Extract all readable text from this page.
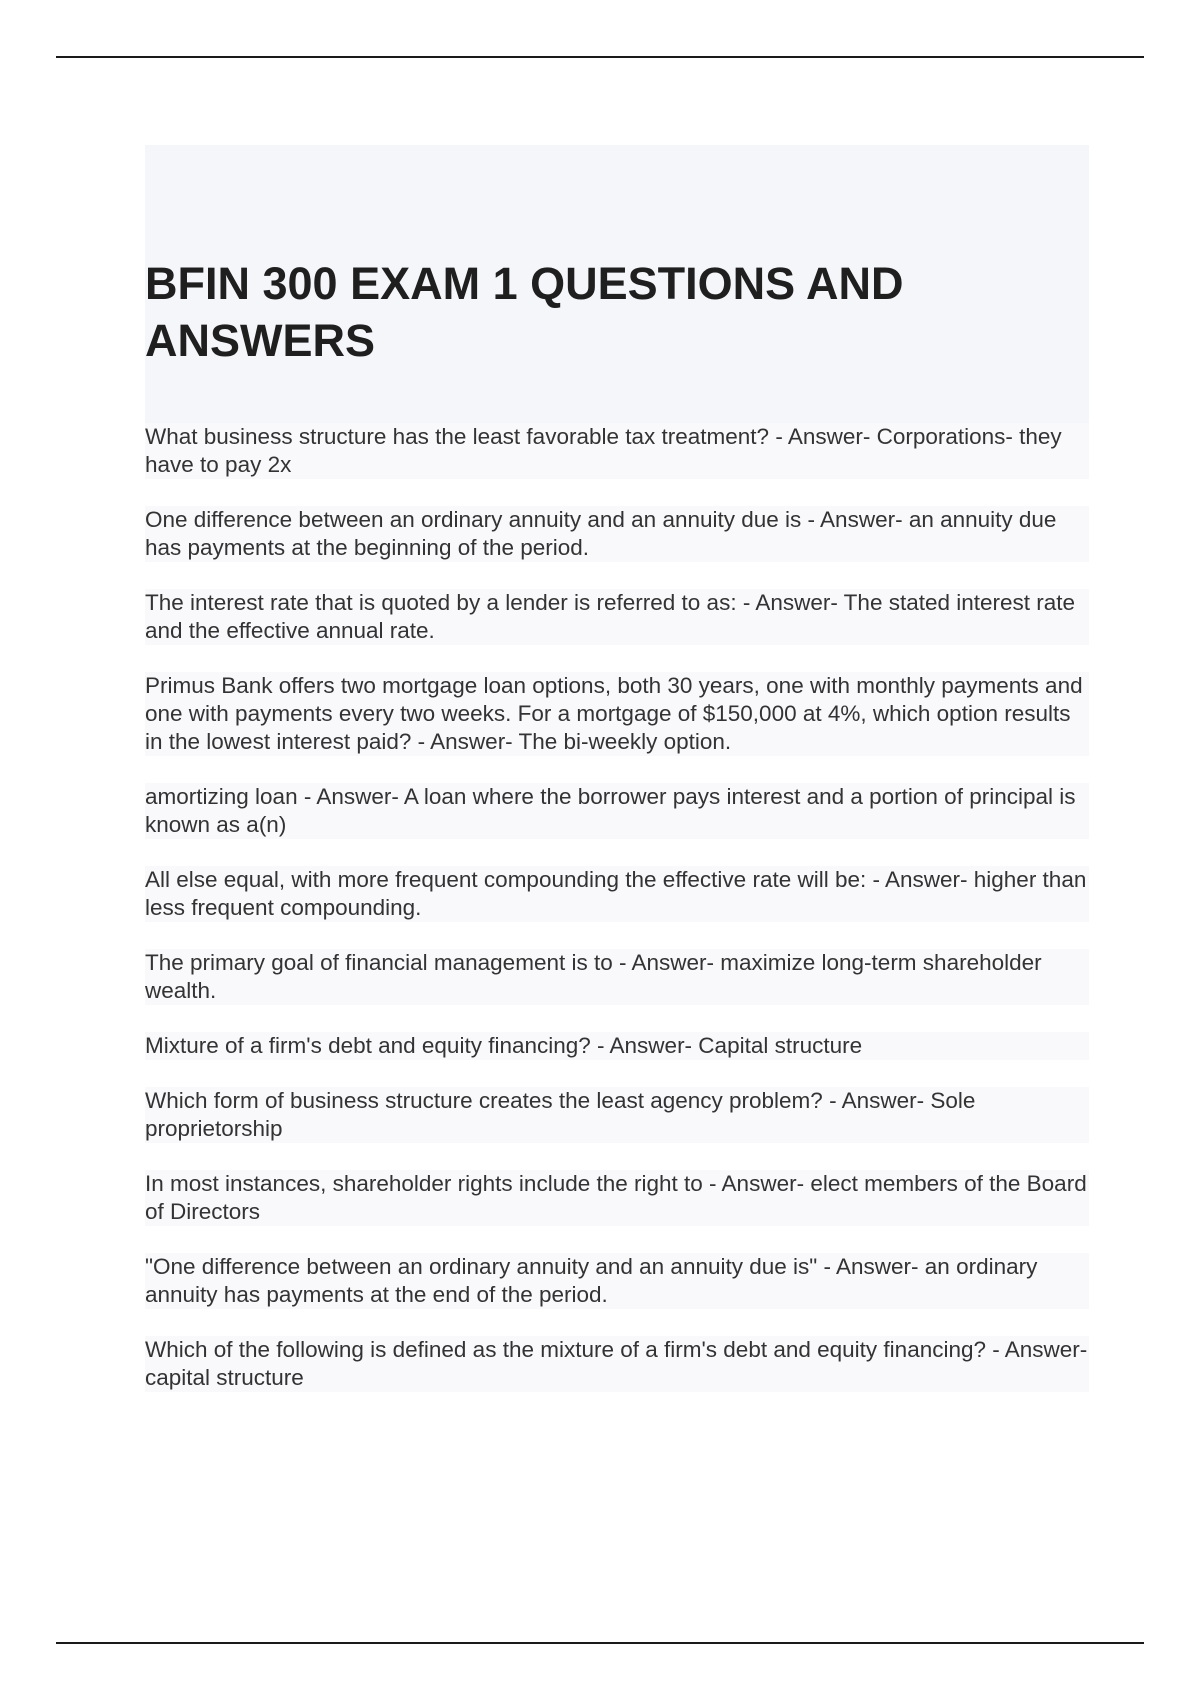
BFIN 300 EXAM 1 QUESTIONS AND ANSWERS
What business structure has the least favorable tax treatment? - Answer- Corporations- they have to pay 2x
One difference between an ordinary annuity and an annuity due is - Answer- an annuity due has payments at the beginning of the period.
The interest rate that is quoted by a lender is referred to as: - Answer- The stated interest rate and the effective annual rate.
Primus Bank offers two mortgage loan options, both 30 years, one with monthly payments and one with payments every two weeks. For a mortgage of $150,000 at 4%, which option results in the lowest interest paid? - Answer- The bi-weekly option.
amortizing loan - Answer- A loan where the borrower pays interest and a portion of principal is known as a(n)
All else equal, with more frequent compounding the effective rate will be: - Answer- higher than less frequent compounding.
The primary goal of financial management is to - Answer- maximize long-term shareholder wealth.
Mixture of a firm's debt and equity financing? - Answer- Capital structure
Which form of business structure creates the least agency problem? - Answer- Sole proprietorship
In most instances, shareholder rights include the right to - Answer- elect members of the Board of Directors
"One difference between an ordinary annuity and an annuity due is" - Answer- an ordinary annuity has payments at the end of the period.
Which of the following is defined as the mixture of a firm's debt and equity financing? - Answer- capital structure
